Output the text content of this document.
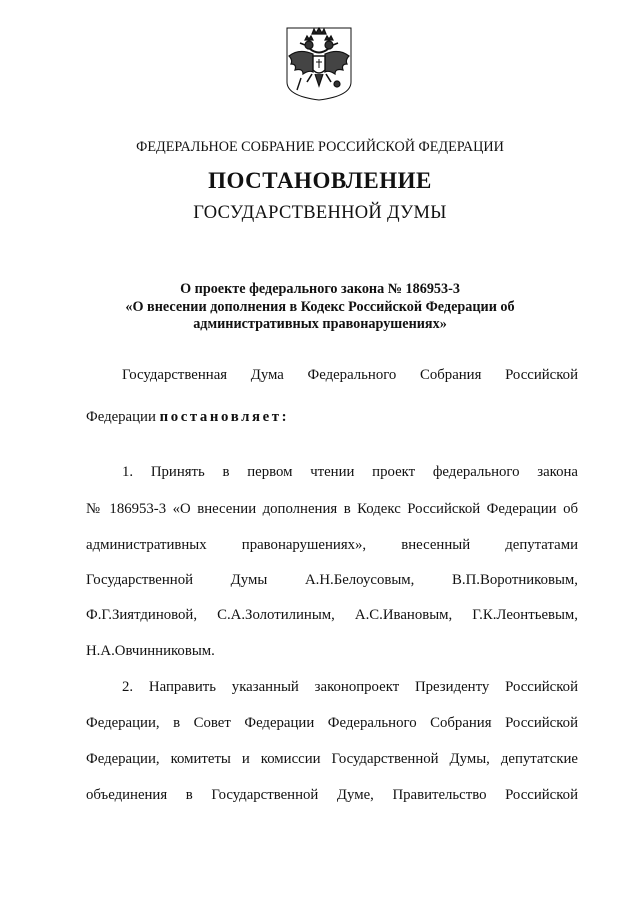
ФЕДЕРАЛЬНОЕ СОБРАНИЕ РОССИЙСКОЙ ФЕДЕРАЦИИ
ПОСТАНОВЛЕНИЕ
ГОСУДАРСТВЕННОЙ ДУМЫ
О проекте федерального закона № 186953-3
«О внесении дополнения в Кодекс Российской Федерации об
административных правонарушениях»
Государственная Дума Федерального Собрания Российской
Федерации постановляет:
1. Принять в первом чтении проект федерального закона
№ 186953-3 «О внесении дополнения в Кодекс Российской Федерации об
административных правонарушениях», внесенный депутатами
Государственной Думы А.Н.Белоусовым, В.П.Воротниковым,
Ф.Г.Зиятдиновой, С.А.Золотилиным, А.С.Ивановым, Г.К.Леонтьевым,
Н.А.Овчинниковым.
2. Направить указанный законопроект Президенту Российской
Федерации, в Совет Федерации Федерального Собрания Российской
Федерации, комитеты и комиссии Государственной Думы, депутатские
объединения в Государственной Думе, Правительство Российской
